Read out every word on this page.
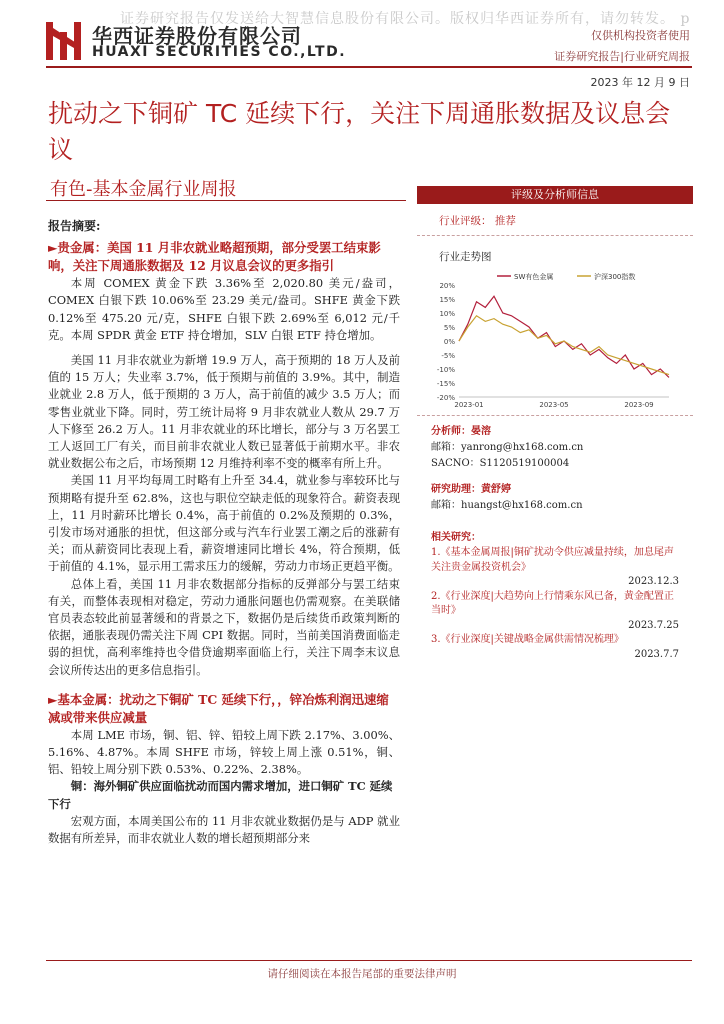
证券研究报告仅发送给大智慧信息股份有限公司。版权归华西证券所有，请勿转发。 p
华西证券股份有限公司
HUAXI SECURITIES CO.,LTD.
仅供机构投资者使用
证券研究报告|行业研究周报
2023 年 12 月 9 日
扰动之下铜矿 TC 延续下行，关注下周通胀数据及议息会议
有色-基本金属行业周报
报告摘要:
►贵金属：美国 11 月非农就业略超预期，部分受罢工结束影响，关注下周通胀数据及 12 月议息会议的更多指引

本周 COMEX 黄金下跌 3.36%至 2,020.80 美元/盎司，COMEX 白银下跌 10.06%至 23.29 美元/盎司。SHFE 黄金下跌 0.12%至 475.20 元/克，SHFE 白银下跌 2.69%至 6,012 元/千克。本周 SPDR 黄金 ETF 持仓增加，SLV 白银 ETF 持仓增加。

美国 11 月非农就业为新增 19.9 万人，高于预期的 18 万人及前值的 15 万人；失业率 3.7%，低于预期与前值的 3.9%。其中，制造业就业 2.8 万人，低于预期的 3 万人，高于前值的减少 3.5 万人；而零售业就业下降。同时，劳工统计局将 9 月非农就业人数从 29.7 万人下修至 26.2 万人。11 月非农就业的环比增长，部分与 3 万名罢工工人返回工厂有关，而目前非农就业人数已显著低于前期水平。非农就业数据公布之后，市场预期 12 月维持利率不变的概率有所上升。

美国 11 月平均每周工时略有上升至 34.4，就业参与率较环比与预期略有提升至 62.8%，这也与职位空缺走低的现象符合。薪资表现上，11 月时薪环比增长 0.4%，高于前值的 0.2%及预期的 0.3%，引发市场对通胀的担忧，但这部分或与汽车行业罢工潮之后的涨薪有关；而从薪资同比表现上看，薪资增速同比增长 4%，符合预期，低于前值的 4.1%，显示用工需求压力的缓解，劳动力市场正更趋平衡。

总体上看，美国 11 月非农数据部分指标的反弹部分与罢工结束有关，而整体表现相对稳定，劳动力通胀问题也仍需观察。在美联储官员表态较此前显著缓和的背景之下，数据仍是后续货币政策判断的依据，通胀表现仍需关注下周 CPI 数据。同时，当前美国消费面临走弱的担忧，高利率维持也令借贷逾期率面临上行，关注下周李末议息会议所传达出的更多信息指引。

►基本金属：扰动之下铜矿 TC 延续下行，，锌冶炼利润迅速缩减或带来供应减量

本周 LME 市场，铜、铝、锌、铅较上周下跌 2.17%、3.00%、5.16%、4.87%。本周 SHFE 市场，锌较上周上涨 0.51%，铜、铝、铅较上周分别下跌 0.53%、0.22%、2.38%。

铜：海外铜矿供应面临扰动而国内需求增加，进口铜矿 TC 延续下行

宏观方面，本周美国公布的 11 月非农就业数据仍是与 ADP 就业数据有所差异，而非农就业人数的增长超预期部分来

评级及分析师信息
行业评级： 推荐
行业走势图
20%
15%
10%
5%
0%
-5%
-10%
-15%
-20%
2023-01	2023-05	2023-09
SW有色金属	沪深300指数
分析师：晏溶
邮箱：yanrong@hx168.com.cn
SACNO：S1120519100004
研究助理：黄舒婷
邮箱：huangst@hx168.com.cn
相关研究：
1.《基本金属周报|铜矿扰动令供应减量持续，加息尾声关注贵金属投资机会》
2023.12.3
2.《行业深度|大趋势向上行情乘东风已备，黄金配置正当时》
2023.7.25
3.《行业深度|关键战略金属供需情况梳理》
2023.7.7
请仔细阅读在本报告尾部的重要法律声明
